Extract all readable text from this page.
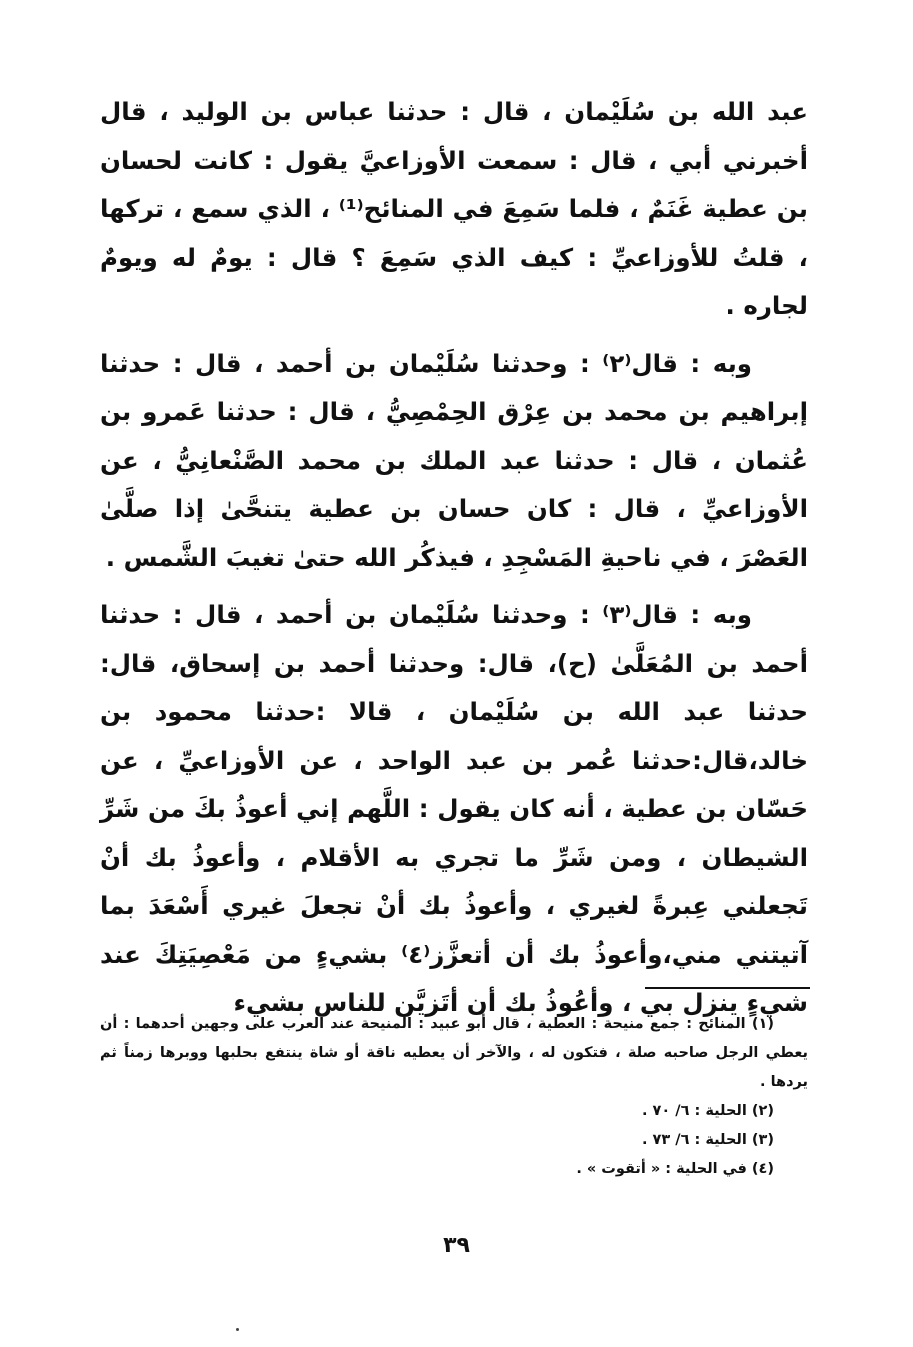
عبد الله بن سُلَيْمان ، قال : حدثنا عباس بن الوليد ، قال أخبرني أبي ، قال : سمعت الأوزاعيَّ يقول : كانت لحسان بن عطية غَنَمٌ ، فلما سَمِعَ في المنائح⁽¹⁾ ، الذي سمع ، تركها ، قلتُ للأوزاعيِّ : كيف الذي سَمِعَ ؟ قال : يومٌ له ويومٌ لجاره .

وبه : قال⁽٢⁾ : وحدثنا سُلَيْمان بن أحمد ، قال : حدثنا إبراهيم بن محمد بن عِرْق الحِمْصِيُّ ، قال : حدثنا عَمرو بن عُثمان ، قال : حدثنا عبد الملك بن محمد الصَّنْعانِيُّ ، عن الأوزاعيِّ ، قال : كان حسان بن عطية يتنحَّىٰ إذا صلَّىٰ العَصْرَ ، في ناحيةِ المَسْجِدِ ، فيذكُر الله حتىٰ تغيبَ الشَّمس .

وبه : قال⁽٣⁾ : وحدثنا سُلَيْمان بن أحمد ، قال : حدثنا أحمد بن المُعَلَّىٰ (ح)، قال: وحدثنا أحمد بن إسحاق، قال: حدثنا عبد الله بن سُلَيْمان ، قالا :حدثنا محمود بن خالد،قال:حدثنا عُمر بن عبد الواحد ، عن الأوزاعيِّ ، عن حَسّان بن عطية ، أنه كان يقول : اللَّهم إني أعوذُ بكَ من شَرِّ الشيطان ، ومن شَرِّ ما تجري به الأقلام ، وأعوذُ بك أنْ تَجعلني عِبرةً لغيري ، وأعوذُ بك أنْ تجعلَ غيري أَسْعَدَ بما آتيتني مني،وأعوذُ بك أن أتعزَّز⁽٤⁾ بشيءٍ من مَعْصِيَتِكَ عند شيءٍ ينزل بي ، وأعُوذُ بك أن أتَزيَّن للناس بشيء

(١) المنائح : جمع منيحة : العطية ، قال أبو عبيد : المنيحة عند العرب على وجهين أحدهما : أن يعطي الرجل صاحبه صلة ، فتكون له ، والآخر أن يعطيه ناقة أو شاة ينتفع بحلبها ووبرها زمناً ثم يردها .

(٢) الحلية : ٦/ ٧٠ .

(٣) الحلية : ٦/ ٧٣ .

(٤) في الحلية : « أتقوت » .

٣٩
